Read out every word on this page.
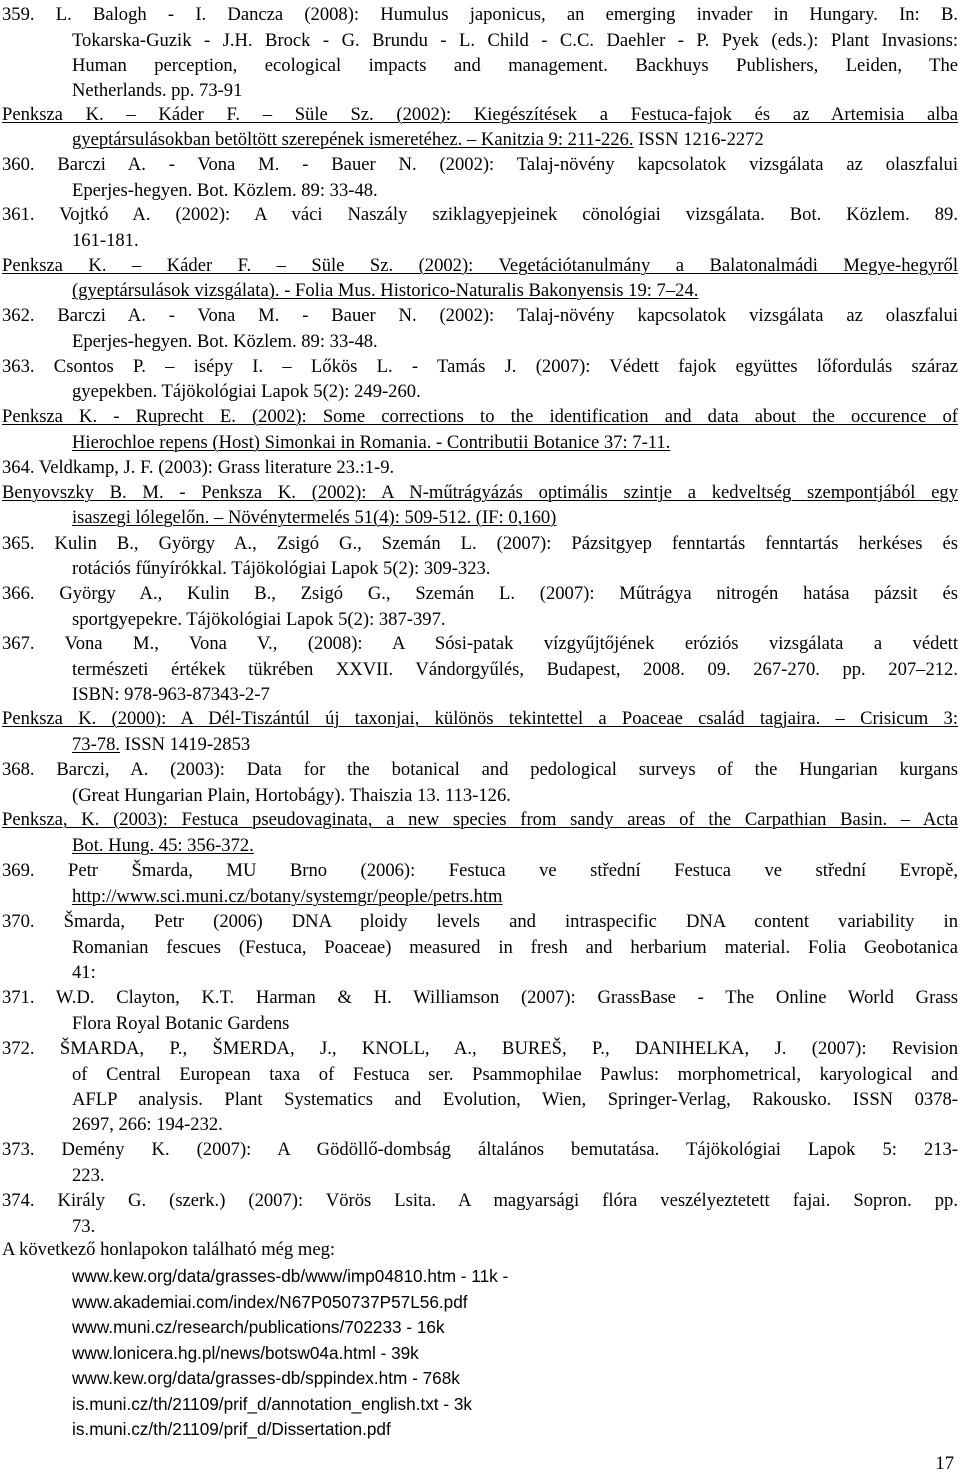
359. L. Balogh - I. Dancza (2008): Humulus japonicus, an emerging invader in Hungary. In: B.
Tokarska-Guzik - J.H. Brock - G. Brundu - L. Child - C.C. Daehler - P. Pyek (eds.): Plant Invasions:
Human perception, ecological impacts and management. Backhuys Publishers, Leiden, The
Netherlands. pp. 73-91
Penksza K. – Káder F. – Süle Sz. (2002): Kiegészítések a Festuca-fajok és az Artemisia alba
gyeptársulásokban betöltött szerepének ismeretéhez. – Kanitzia 9: 211-226. ISSN 1216-2272
360. Barczi A. - Vona M. - Bauer N. (2002): Talaj-növény kapcsolatok vizsgálata az olaszfalui
Eperjes-hegyen. Bot. Közlem. 89: 33-48.
361. Vojtkó A. (2002): A váci Naszály sziklagyepjeinek cönológiai vizsgálata. Bot. Közlem. 89.
161-181.
Penksza K. – Káder F. – Süle Sz. (2002): Vegetációtanulmány a Balatonalmádi Megye-hegyről
(gyeptársulások vizsgálata). - Folia Mus. Historico-Naturalis Bakonyensis 19: 7–24.
362. Barczi A. - Vona M. - Bauer N. (2002): Talaj-növény kapcsolatok vizsgálata az olaszfalui
Eperjes-hegyen. Bot. Közlem. 89: 33-48.
363. Csontos P. – isépy I. – Lőkös L. - Tamás J. (2007): Védett fajok együttes lőfordulás száraz
gyepekben. Tájökológiai Lapok 5(2): 249-260.
Penksza K. - Ruprecht E. (2002): Some corrections to the identification and data about the occurence of
Hierochloe repens (Host) Simonkai in Romania. - Contributii Botanice 37: 7-11.
364. Veldkamp, J. F. (2003): Grass literature 23.:1-9.
Benyovszky B. M. - Penksza K. (2002): A N-műtrágyázás optimális szintje a kedveltség szempontjából egy
isaszegi lólegelőn. – Növénytermelés 51(4): 509-512. (IF: 0,160)
365. Kulin B., György A., Zsigó G., Szemán L. (2007): Pázsitgyep fenntartás fenntartás herkéses és
rotációs fűnyírókkal. Tájökológiai Lapok 5(2): 309-323.
366. György A., Kulin B., Zsigó G., Szemán L. (2007): Műtrágya nitrogén hatása pázsit és
sportgyepekre. Tájökológiai Lapok 5(2): 387-397.
367. Vona M., Vona V., (2008): A Sósi-patak vízgyűjtőjének eróziós vizsgálata a védett
természeti értékek tükrében XXVII. Vándorgyűlés, Budapest, 2008. 09. 267-270. pp. 207–212.
ISBN: 978-963-87343-2-7
Penksza K. (2000): A Dél-Tiszántúl új taxonjai, különös tekintettel a Poaceae család tagjaira. – Crisicum 3:
73-78. ISSN 1419-2853
368. Barczi, A. (2003): Data for the botanical and pedological surveys of the Hungarian kurgans
(Great Hungarian Plain, Hortobágy). Thaiszia 13. 113-126.
Penksza, K. (2003): Festuca pseudovaginata, a new species from sandy areas of the Carpathian Basin. – Acta
Bot. Hung. 45: 356-372.
369. Petr Šmarda, MU Brno (2006): Festuca ve střední Festuca ve střední Evropě,
http://www.sci.muni.cz/botany/systemgr/people/petrs.htm
370. Šmarda, Petr (2006) DNA ploidy levels and intraspecific DNA content variability in
Romanian fescues (Festuca, Poaceae) measured in fresh and herbarium material. Folia Geobotanica
41:
371. W.D. Clayton, K.T. Harman & H. Williamson (2007): GrassBase - The Online World Grass
Flora Royal Botanic Gardens
372. ŠMARDA, P., ŠMERDA, J., KNOLL, A., BUREŠ, P., DANIHELKA, J. (2007): Revision
of Central European taxa of Festuca ser. Psammophilae Pawlus: morphometrical, karyological and
AFLP analysis. Plant Systematics and Evolution, Wien, Springer-Verlag, Rakousko. ISSN 0378-
2697, 266: 194-232.
373. Demény K. (2007): A Gödöllő-dombság általános bemutatása. Tájökológiai Lapok 5: 213-
223.
374. Király G. (szerk.) (2007): Vörös Lsita. A magyarsági flóra veszélyeztetett fajai. Sopron. pp.
73.
A következő honlapokon található még meg:
www.kew.org/data/grasses-db/www/imp04810.htm - 11k -
www.akademiai.com/index/N67P050737P57L56.pdf
www.muni.cz/research/publications/702233 - 16k
www.lonicera.hg.pl/news/botsw04a.html - 39k
www.kew.org/data/grasses-db/sppindex.htm - 768k
is.muni.cz/th/21109/prif_d/annotation_english.txt - 3k
is.muni.cz/th/21109/prif_d/Dissertation.pdf
17
